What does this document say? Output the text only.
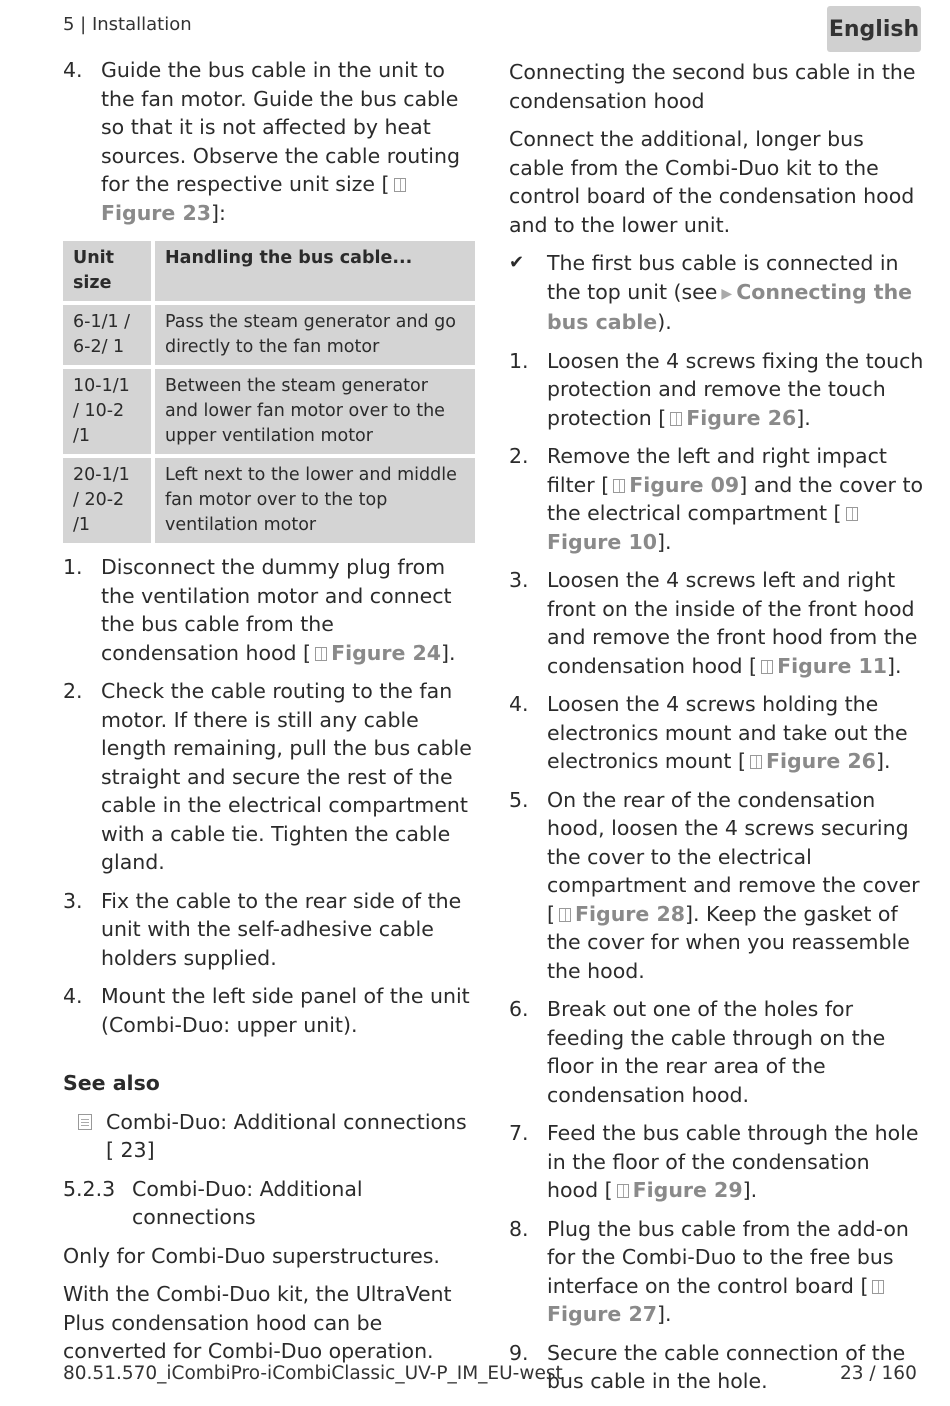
5 | Installation	English
4. Guide the bus cable in the unit to the fan motor. Guide the bus cable so that it is not affected by heat sources. Observe the cable routing for the respective unit size [Figure 23]:
Unit size	Handling the bus cable...
6-1/1 / 6-2/ 1	Pass the steam generator and go directly to the fan motor
10-1/1 / 10-2 /1	Between the steam generator and lower fan motor over to the upper ventilation motor
20-1/1 / 20-2 /1	Left next to the lower and middle fan motor over to the top ventilation motor
1. Disconnect the dummy plug from the ventilation motor and connect the bus cable from the condensation hood [ Figure 24].
2. Check the cable routing to the fan motor. If there is still any cable length remaining, pull the bus cable straight and secure the rest of the cable in the electrical compartment with a cable tie. Tighten the cable gland.
3. Fix the cable to the rear side of the unit with the self-adhesive cable holders supplied.
4. Mount the left side panel of the unit (Combi-Duo: upper unit).
See also
Combi-Duo: Additional connections
[ 23]
5.2.3 Combi-Duo: Additional connections
Only for Combi-Duo superstructures.
With the Combi-Duo kit, the UltraVent Plus condensation hood can be converted for Combi-Duo operation.
Connecting the second bus cable in the condensation hood
Connect the additional, longer bus cable from the Combi-Duo kit to the control board of the condensation hood and to the lower unit.
✔	The first bus cable is connected in the top unit (see ▶ Connecting the bus cable).
1. Loosen the 4 screws fixing the touch protection and remove the touch protection [ Figure 26].
2. Remove the left and right impact filter [ Figure 09] and the cover to the electrical compartment [Figure 10].
3. Loosen the 4 screws left and right front on the inside of the front hood and remove the front hood from the condensation hood [ Figure 11].
4. Loosen the 4 screws holding the electronics mount and take out the electronics mount [ Figure 26].
5. On the rear of the condensation hood, loosen the 4 screws securing the cover to the electrical compartment and remove the cover [ Figure 28]. Keep the gasket of the cover for when you reassemble the hood.
6. Break out one of the holes for feeding the cable through on the floor in the rear area of the condensation hood.
7. Feed the bus cable through the hole in the floor of the condensation hood [ Figure 29].
8. Plug the bus cable from the add-on for the Combi-Duo to the free bus interface on the control board [Figure 27].
9. Secure the cable connection of the bus cable in the hole.
80.51.570_iCombiPro-iCombiClassic_UV-P_IM_EU-west	23 / 160
